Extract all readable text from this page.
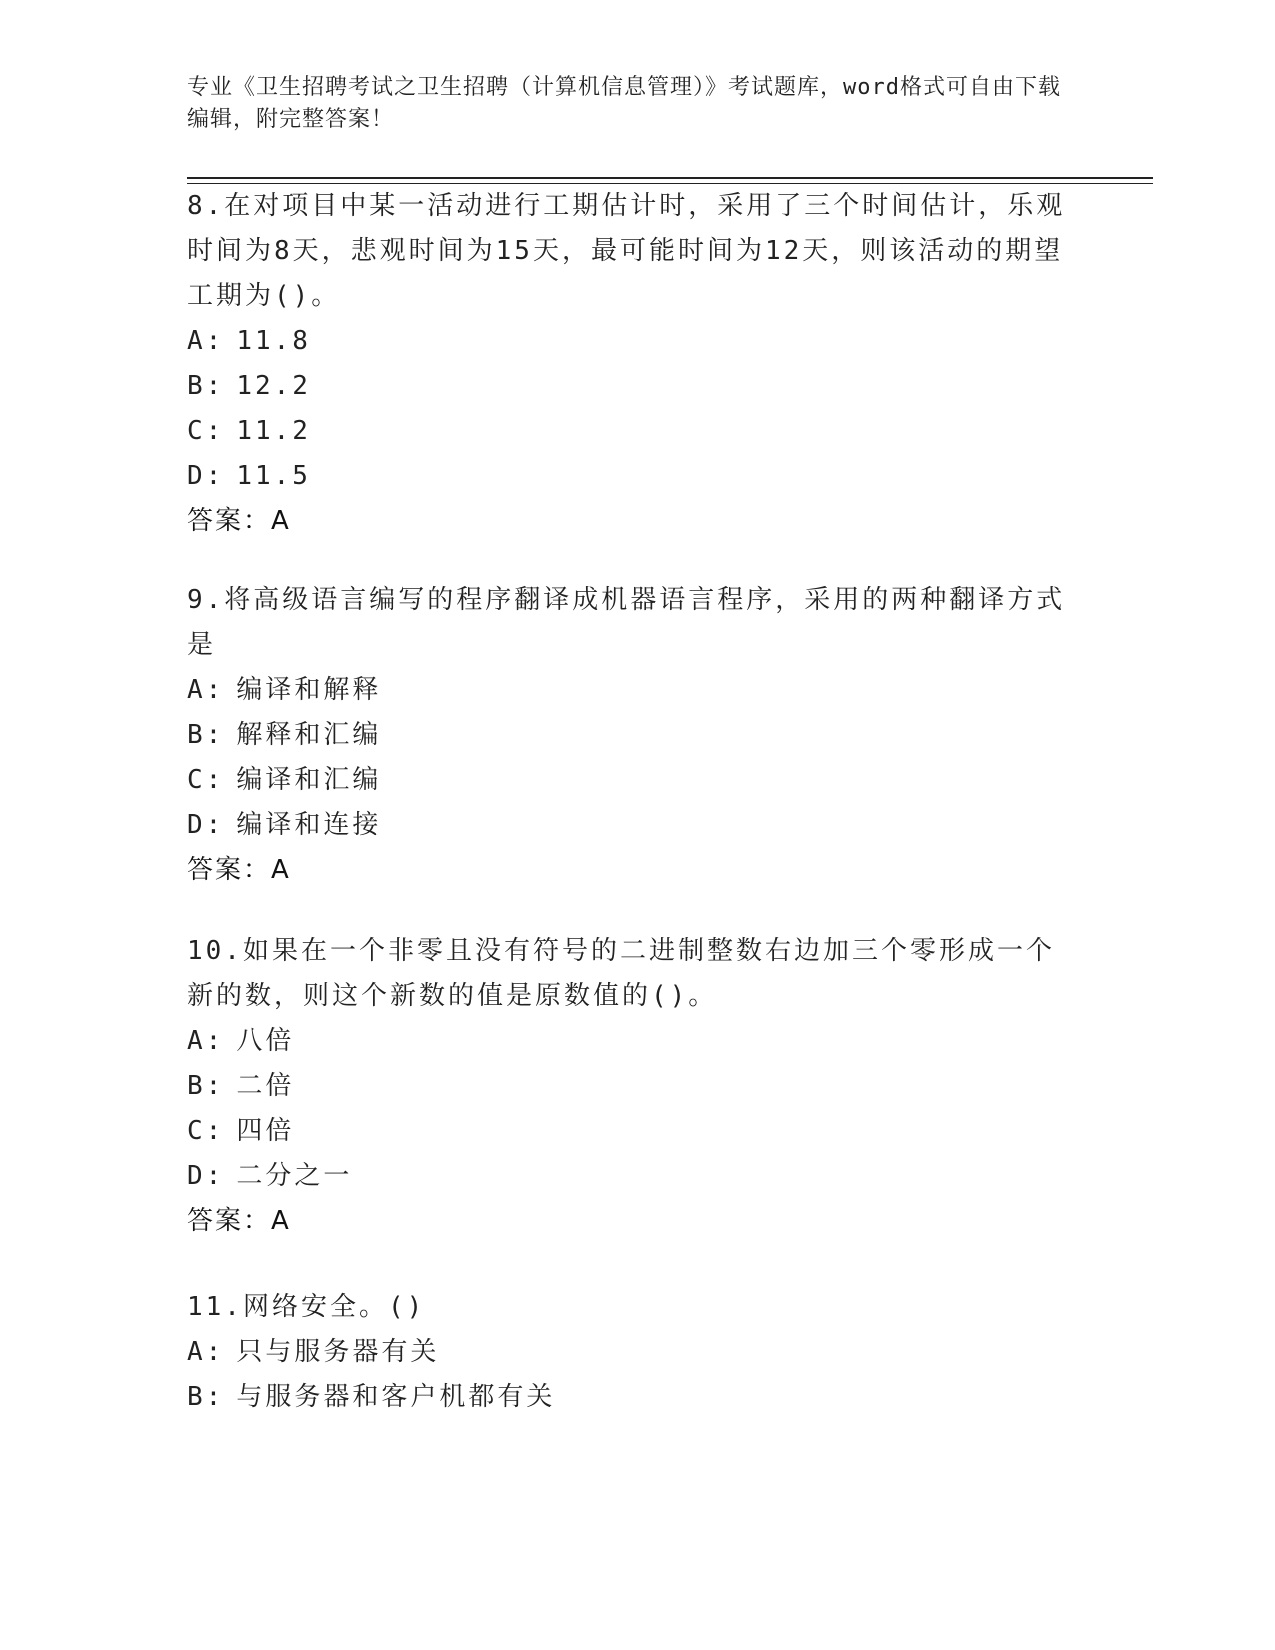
专业《卫生招聘考试之卫生招聘（计算机信息管理）》考试题库，word格式可自由下载编辑，附完整答案！

8.在对项目中某一活动进行工期估计时，采用了三个时间估计，乐观时间为8天，悲观时间为15天，最可能时间为12天，则该活动的期望工期为()。

A: 11.8

B: 12.2

C: 11.2

D: 11.5

答案：A

9.将高级语言编写的程序翻译成机器语言程序，采用的两种翻译方式是

A: 编译和解释

B: 解释和汇编

C: 编译和汇编

D: 编译和连接

答案：A

10.如果在一个非零且没有符号的二进制整数右边加三个零形成一个新的数，则这个新数的值是原数值的()。

A: 八倍

B: 二倍

C: 四倍

D: 二分之一

答案：A

11.网络安全。()

A: 只与服务器有关

B: 与服务器和客户机都有关
